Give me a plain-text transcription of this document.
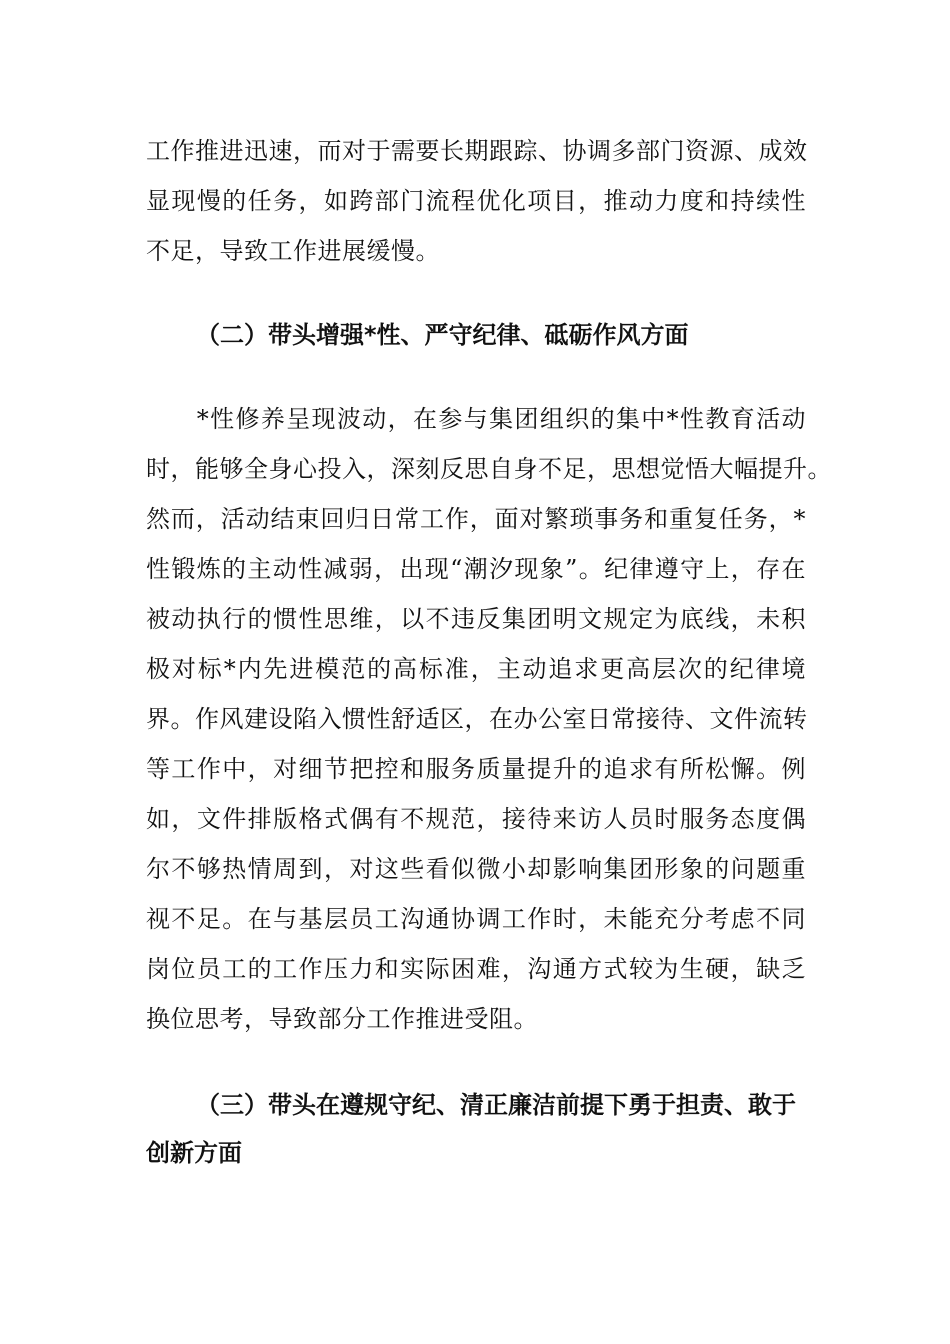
工作推进迅速，而对于需要长期跟踪、协调多部门资源、成效
显现慢的任务，如跨部门流程优化项目，推动力度和持续性
不足，导致工作进展缓慢。
（二）带头增强*性、严守纪律、砥砺作风方面
　　*性修养呈现波动，在参与集团组织的集中*性教育活动
时，能够全身心投入，深刻反思自身不足，思想觉悟大幅提升。
然而，活动结束回归日常工作，面对繁琐事务和重复任务，*
性锻炼的主动性减弱，出现“潮汐现象”。纪律遵守上，存在
被动执行的惯性思维，以不违反集团明文规定为底线，未积
极对标*内先进模范的高标准，主动追求更高层次的纪律境
界。作风建设陷入惯性舒适区，在办公室日常接待、文件流转
等工作中，对细节把控和服务质量提升的追求有所松懈。例
如，文件排版格式偶有不规范，接待来访人员时服务态度偶
尔不够热情周到，对这些看似微小却影响集团形象的问题重
视不足。在与基层员工沟通协调工作时，未能充分考虑不同
岗位员工的工作压力和实际困难，沟通方式较为生硬，缺乏
换位思考，导致部分工作推进受阻。
（三）带头在遵规守纪、清正廉洁前提下勇于担责、敢于
创新方面
